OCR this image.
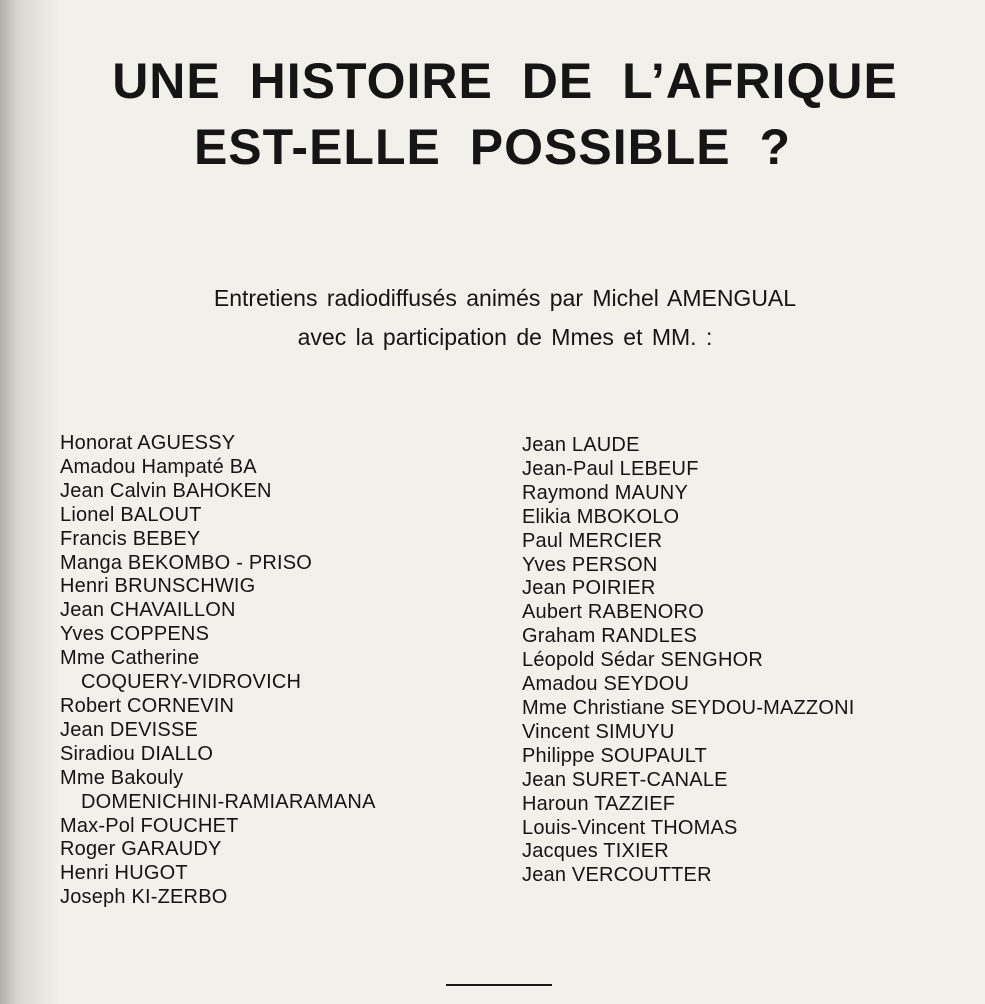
UNE HISTOIRE DE L’AFRIQUE
EST-ELLE POSSIBLE ?
Entretiens radiodiffusés animés par Michel AMENGUAL
avec la participation de Mmes et MM. :
Honorat AGUESSY
Amadou Hampaté BA
Jean Calvin BAHOKEN
Lionel BALOUT
Francis BEBEY
Manga BEKOMBO - PRISO
Henri BRUNSCHWIG
Jean CHAVAILLON
Yves COPPENS
Mme Catherine
COQUERY-VIDROVICH
Robert CORNEVIN
Jean DEVISSE
Siradiou DIALLO
Mme Bakouly
DOMENICHINI-RAMIARAMANA
Max-Pol FOUCHET
Roger GARAUDY
Henri HUGOT
Joseph KI-ZERBO
Jean LAUDE
Jean-Paul LEBEUF
Raymond MAUNY
Elikia MBOKOLO
Paul MERCIER
Yves PERSON
Jean POIRIER
Aubert RABENORO
Graham RANDLES
Léopold Sédar SENGHOR
Amadou SEYDOU
Mme Christiane SEYDOU-MAZZONI
Vincent SIMUYU
Philippe SOUPAULT
Jean SURET-CANALE
Haroun TAZZIEF
Louis-Vincent THOMAS
Jacques TIXIER
Jean VERCOUTTER
